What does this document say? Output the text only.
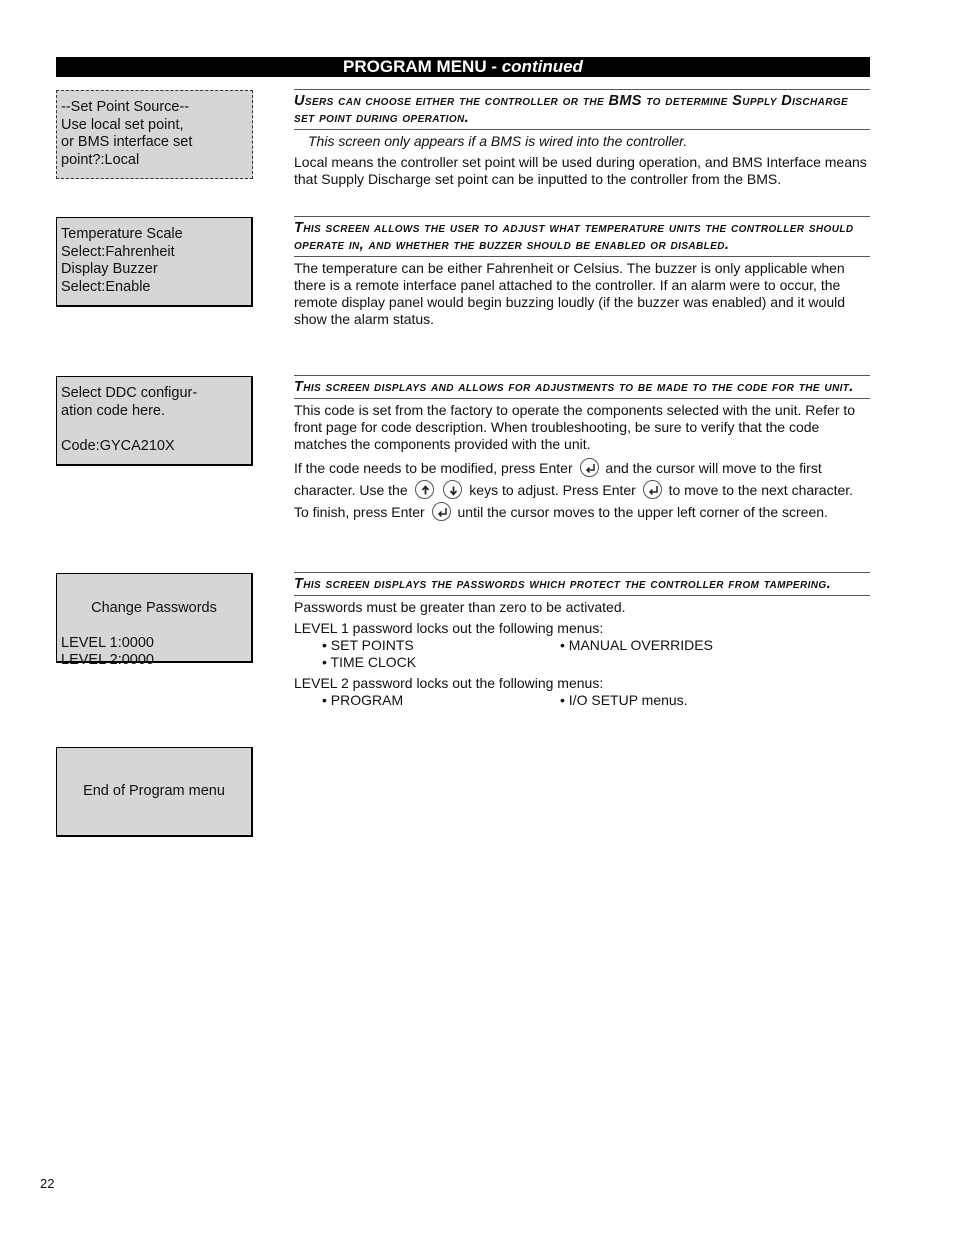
PROGRAM MENU - continued
--Set Point Source--
Use local set point,
or BMS interface set
point?:Local
Users can choose either the controller or the BMS to determine Supply Discharge set point during operation.

This screen only appears if a BMS is wired into the controller.

Local means the controller set point will be used during operation, and BMS Interface means that Supply Discharge set point can be inputted to the controller from the BMS.

Temperature Scale
Select:Fahrenheit
Display Buzzer
Select:Enable
This screen allows the user to adjust what temperature units the controller should operate in, and whether the buzzer should be enabled or disabled.

The temperature can be either Fahrenheit or Celsius. The buzzer is only applicable when there is a remote interface panel attached to the controller. If an alarm were to occur, the remote display panel would begin buzzing loudly (if the buzzer was enabled) and it would show the alarm status.

Select DDC configur-
ation code here.

Code:GYCA210X
This screen displays and allows for adjustments to be made to the code for the unit.

This code is set from the factory to operate the components selected with the unit. Refer to front page for code description. When troubleshooting, be sure to verify that the code matches the components provided with the unit.

If the code needs to be modified, press Enter and the cursor will move to the first character. Use the
	keys to adjust. Press Enter to move to the next character. To finish, press Enter until the cursor moves to the upper left corner of the screen.

Change Passwords

LEVEL 1:0000
LEVEL 2:0000

This screen displays the passwords which protect the controller from tampering.

Passwords must be greater than zero to be activated.

LEVEL 1 password locks out the following menus:

• SET POINTS	• MANUAL OVERRIDES
• TIME CLOCK

LEVEL 2 password locks out the following menus:

• PROGRAM	• I/O SETUP menus.
End of Program menu
22
